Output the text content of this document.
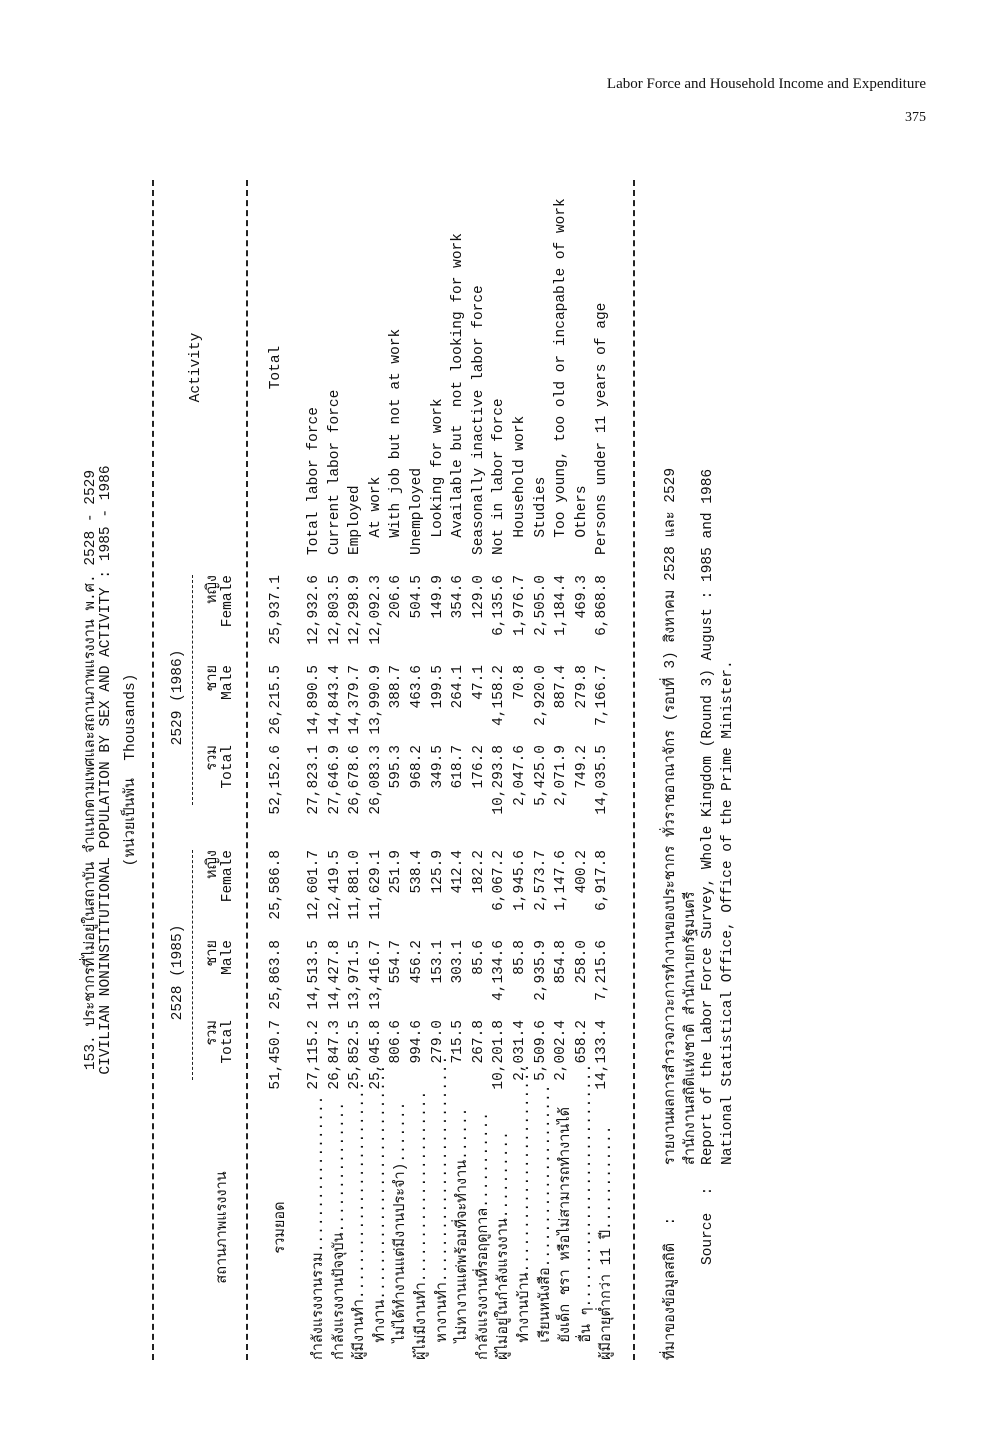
Labor Force and Household Income and Expenditure
375
153. ประชากรที่ไม่อยู่ในสถาบัน จำแนกตามเพศและสถานภาพแรงงาน พ.ศ. 2528 - 2529 CIVILIAN NONINSTITUTIONAL POPULATION BY SEX AND ACTIVITY : 1985 - 1986 (หน่วยเป็นพัน  Thousands)
2528 (1985)
2529 (1986)
สถานภาพแรงงาน
Activity

รวม

ชาย

หญิง

รวม

ชาย

หญิง

Total

Male

Female

Total

Male

Female

รวมยอด

51,450.7

25,863.8

25,586.8

52,152.6

26,215.5

25,937.1

Total

กำลังแรงงานรวม..................
27,115.2
14,513.5
12,601.7
27,823.1
14,890.5
12,932.6
Total labor force
กำลังแรงงานปัจจุบัน...............
26,847.3
14,427.8
12,419.5
27,646.9
14,843.4
12,803.5
Current labor force
ผู้มีงานทำ.........................
25,852.5
13,971.5
11,881.0
26,678.6
14,379.7
12,298.9
Employed
ทำงาน...........................
25,045.8
13,416.7
11,629.1
26,083.3
13,990.9
12,092.3
At work
ไม่ได้ทำงานแต่มีงานประจำ).......
806.6
554.7
251.9
595.3
388.7
206.6
With job but not at work
ผู้ไม่มีงานทำ......................
994.6
456.2
538.4
968.2
463.6
504.5
Unemployed
หางานทำ..........................
279.0
153.1
125.9
349.5
199.5
149.9
Looking for work
ไม่หางานแต่พร้อมที่จะทำงาน......
715.5
303.1
412.4
618.7
264.1
354.6
Available but  not looking for work
กำลังแรงงานที่รอฤดูกาล...........
267.8
85.6
182.2
176.2
47.1
129.0
Seasonally inactive labor force
ผู้ไม่อยู่ในกำลังแรงงาน..........
10,201.8
4,134.6
6,067.2
10,293.8
4,158.2
6,135.6
Not in labor force
ทำงานบ้าน........................
2,031.4
85.8
1,945.6
2,047.6
70.8
1,976.7
Household work
เรียนหนังสือ.....................
5,509.6
2,935.9
2,573.7
5,425.0
2,920.0
2,505.0
Studies
ยังเด็ก ชรา หรือไม่สามารถทำงานได้
2,002.4
854.8
1,147.6
2,071.9
887.4
1,184.4
Too young, too old or incapable of work
อื่น ๆ............................
658.2
258.0
400.2
749.2
279.8
469.3
Others
ผู้มีอายุต่ำกว่า 11 ปี............
14,133.4
7,215.6
6,917.8
14,035.5
7,166.7
6,868.8
Persons under 11 years of age

ที่มาของข้อมูลสถิติ  :

รายงานผลการสำรวจภาวะการทำงานของประชากร ทั่วราชอาณาจักร (รอบที่ 3) สิงหาคม 2528 และ 2529

สำนักงานสถิติแห่งชาติ สำนักนายกรัฐมนตรี

Source  :

Report of the Labor Force Survey, Whole Kingdom (Round 3) August : 1985 and 1986

National Statistical Office, Office of the Prime Minister.
